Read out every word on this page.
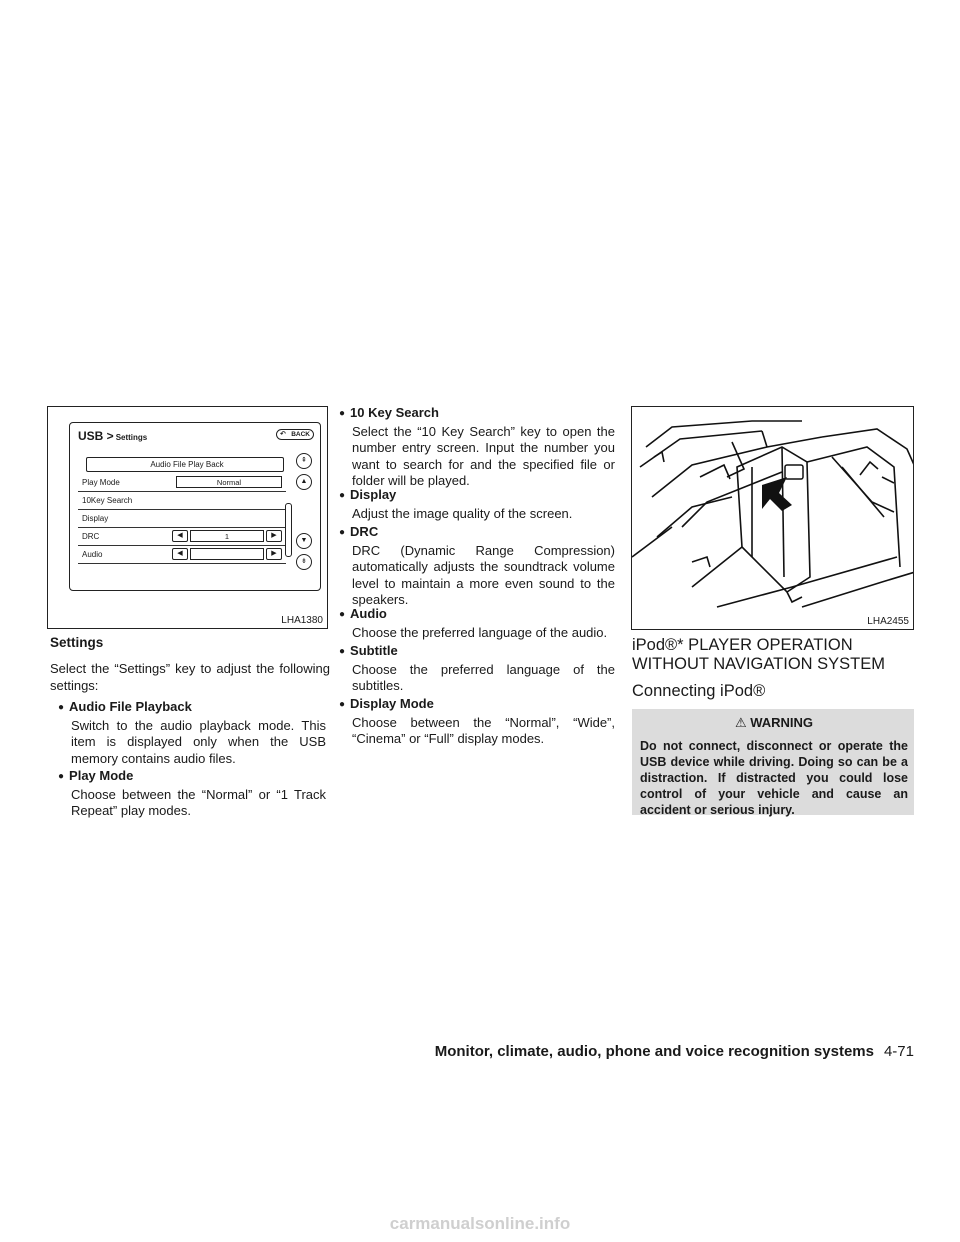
USB > Settings	↶ BACK
Audio File Play Back
Play Mode	Normal
10Key Search
Display
DRC	◀	1	▶
Audio	◀	▶
⇞
▲
▼
⇟
LHA1380
Settings
Select the “Settings” key to adjust the following settings:
● Audio File Playback
Switch to the audio playback mode. This item is displayed only when the USB memory contains audio files.
● Play Mode
Choose between the “Normal” or “1 Track Repeat” play modes.
● 10 Key Search
Select the “10 Key Search” key to open the number entry screen. Input the number you want to search for and the specified file or folder will be played.
● Display
Adjust the image quality of the screen.
● DRC
DRC (Dynamic Range Compression) automatically adjusts the soundtrack volume level to maintain a more even sound to the speakers.
● Audio
Choose the preferred language of the audio.
● Subtitle
Choose the preferred language of the subtitles.
● Display Mode
Choose between the “Normal”, “Wide”, “Cinema” or “Full” display modes.
LHA2455
iPod®* PLAYER OPERATION
WITHOUT NAVIGATION SYSTEM
Connecting iPod®
⚠ WARNING
Do not connect, disconnect or operate the USB device while driving. Doing so can be a distraction. If distracted you could lose control of your vehicle and cause an accident or serious injury.
Monitor, climate, audio, phone and voice recognition systems 4-71
carmanualsonline.info
